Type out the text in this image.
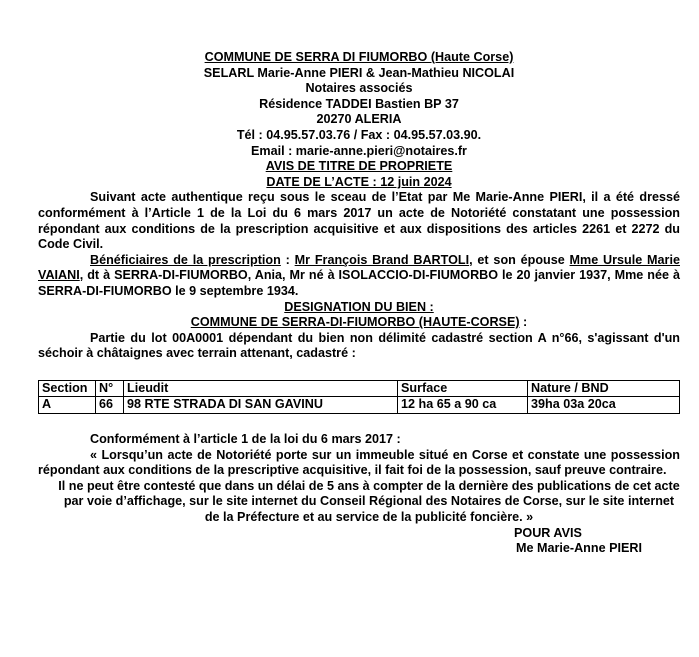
COMMUNE DE SERRA DI FIUMORBO (Haute Corse)

SELARL Marie-Anne PIERI & Jean-Mathieu NICOLAI

Notaires associés

Résidence TADDEI Bastien BP 37

20270 ALERIA

Tél : 04.95.57.03.76 / Fax : 04.95.57.03.90.

Email : marie-anne.pieri@notaires.fr

AVIS DE TITRE DE PROPRIETE

DATE DE L’ACTE : 12 juin 2024

Suivant acte authentique reçu sous le sceau de l’Etat par Me Marie-Anne PIERI, il a été dressé conformément à l’Article 1 de la Loi du 6 mars 2017 un acte de Notoriété constatant une possession répondant aux conditions de la prescription acquisitive et aux dispositions des articles 2261 et 2272 du Code Civil.

Bénéficiaires de la prescription : Mr François Brand BARTOLI, et son épouse Mme Ursule Marie VAIANI, dt à SERRA-DI-FIUMORBO, Ania, Mr né à ISOLACCIO-DI-FIUMORBO le 20 janvier 1937, Mme née à SERRA-DI-FIUMORBO le 9 septembre 1934.

DESIGNATION DU BIEN :

COMMUNE DE SERRA-DI-FIUMORBO (HAUTE-CORSE) :

Partie du lot 00A0001 dépendant du bien non délimité cadastré section A n°66, s'agissant d'un séchoir à châtaignes avec terrain attenant, cadastré :

Section	N°	Lieudit	Surface	Nature / BND
A	66	98 RTE STRADA DI SAN GAVINU	12 ha 65 a 90 ca	39ha 03a 20ca

Conformément à l’article 1 de la loi du 6 mars 2017 :

« Lorsqu’un acte de Notoriété porte sur un immeuble situé en Corse et constate une possession répondant aux conditions de la prescriptive acquisitive, il fait foi de la possession, sauf preuve contraire.

Il ne peut être contesté que dans un délai de 5 ans à compter de la dernière des publications de cet acte par voie d’affichage, sur le site internet du Conseil Régional des Notaires de Corse, sur le site internet de la Préfecture et au service de la publicité foncière. »

POUR AVIS

Me Marie-Anne PIERI
